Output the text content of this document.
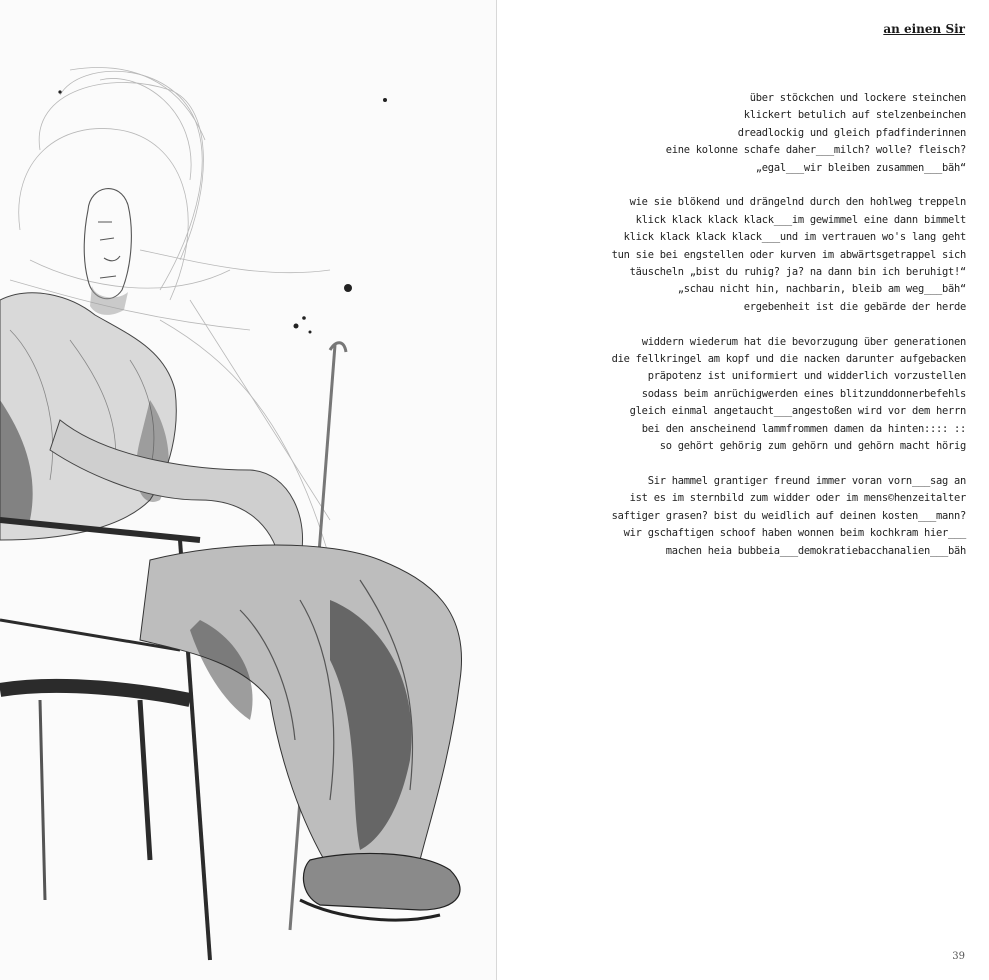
an einen Sir
über stöckchen und lockere steinchen
klickert betulich auf stelzenbeinchen
dreadlockig und gleich pfadfinderinnen
eine kolonne schafe daher___milch? wolle? fleisch?
„egal___wir bleiben zusammen___bäh“
wie sie blökend und drängelnd durch den hohlweg treppeln
klick klack klack klack___im gewimmel eine dann bimmelt
klick klack klack klack___und im vertrauen wo's lang geht
tun sie bei engstellen oder kurven im abwärtsgetrappel sich
täuscheln „bist du ruhig? ja? na dann bin ich beruhigt!“
„schau nicht hin, nachbarin, bleib am weg___bäh“
ergebenheit ist die gebärde der herde
widdern wiederum hat die bevorzugung über generationen
die fellkringel am kopf und die nacken darunter aufgebacken
präpotenz ist uniformiert und widderlich vorzustellen
sodass beim anrüchigwerden eines blitzunddonnerbefehls
gleich einmal angetaucht___angestoßen wird vor dem herrn
bei den anscheinend lammfrommen damen da hinten:::: ::
so gehört gehörig zum gehörn und gehörn macht hörig
Sir hammel grantiger freund immer voran vorn___sag an
ist es im sternbild zum widder oder im mens©henzeitalter
saftiger grasen? bist du weidlich auf deinen kosten___mann?
wir gschaftigen schoof haben wonnen beim kochkram hier___
machen heia bubbeia___demokratiebacchanalien___bäh
39
